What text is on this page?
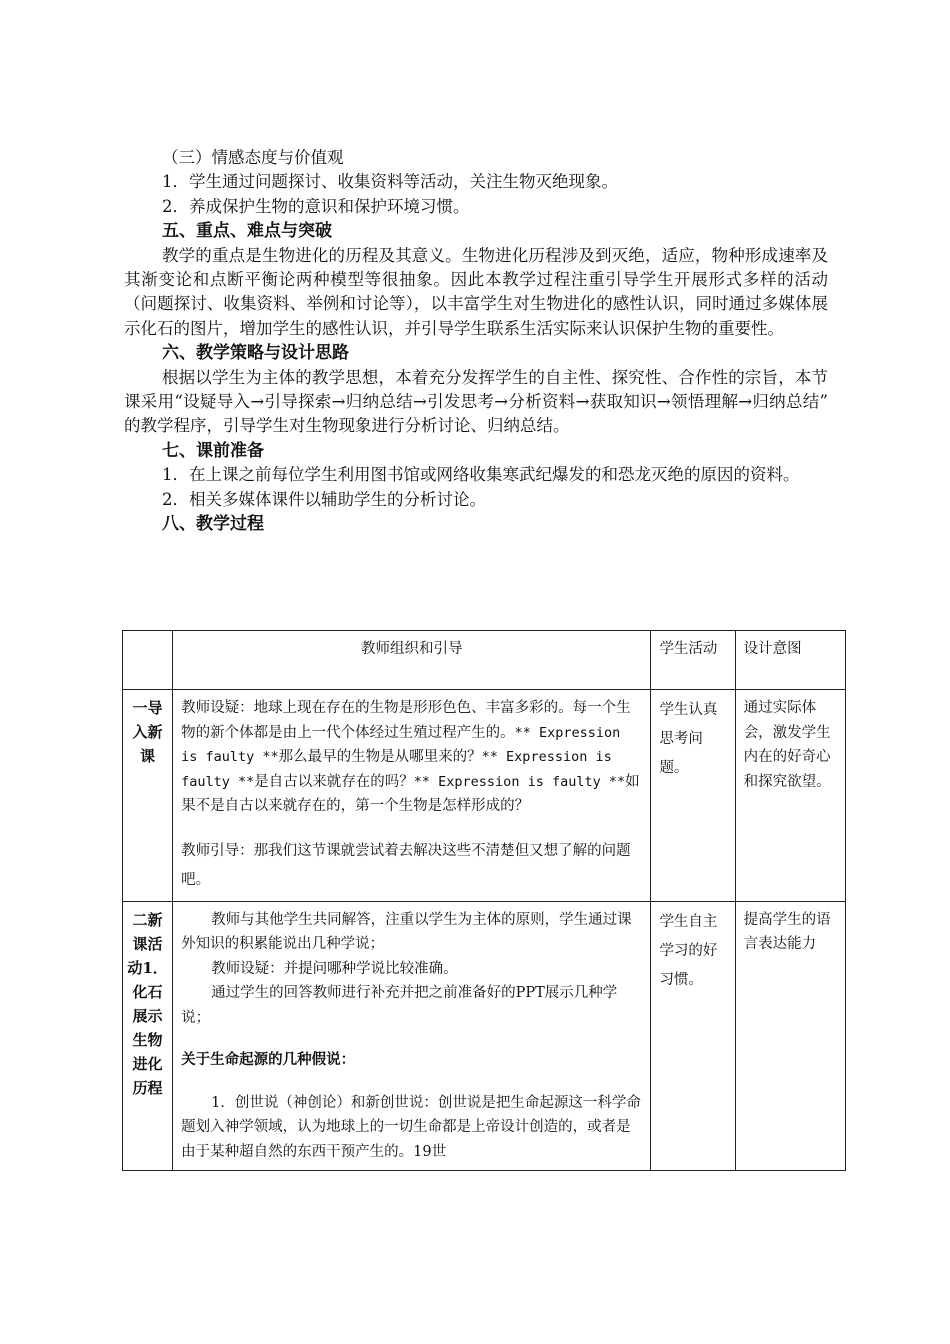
（三）情感态度与价值观

1．学生通过问题探讨、收集资料等活动，关注生物灭绝现象。

2．养成保护生物的意识和保护环境习惯。

五、重点、难点与突破

教学的重点是生物进化的历程及其意义。生物进化历程涉及到灭绝，适应，物种形成速率及其渐变论和点断平衡论两种模型等很抽象。因此本教学过程注重引导学生开展形式多样的活动（问题探讨、收集资料、举例和讨论等），以丰富学生对生物进化的感性认识，同时通过多媒体展示化石的图片，增加学生的感性认识，并引导学生联系生活实际来认识保护生物的重要性。

六、教学策略与设计思路

根据以学生为主体的教学思想，本着充分发挥学生的自主性、探究性、合作性的宗旨，本节课采用“设疑导入→引导探索→归纳总结→引发思考→分析资料→获取知识→领悟理解→归纳总结” 的教学程序，引导学生对生物现象进行分析讨论、归纳总结。

七、课前准备

1．在上课之前每位学生利用图书馆或网络收集寒武纪爆发的和恐龙灭绝的原因的资料。

2．相关多媒体课件以辅助学生的分析讨论。

八、教学过程

	教师组织和引导	学生活动	设计意图
一导入新课	教师设疑：地球上现在存在的生物是形形色色、丰富多彩的。每一个生物的新个体都是由上一代个体经过生殖过程产生的。** Expression is faulty **那么最早的生物是从哪里来的？** Expression is faulty **是自古以来就存在的吗？** Expression is faulty **如果不是自古以来就存在的，第一个生物是怎样形成的？
教师引导：那我们这节课就尝试着去解决这些不清楚但又想了解的问题吧。	学生认真思考问题。	通过实际体会，激发学生内在的好奇心和探究欲望。
二新课活动1．化石展示生物进化历程	教师与其他学生共同解答，注重以学生为主体的原则，学生通过课外知识的积累能说出几种学说；
教师设疑：并提问哪种学说比较准确。
通过学生的回答教师进行补充并把之前准备好的PPT展示几种学说；
关于生命起源的几种假说：
1．创世说（神创论）和新创世说：创世说是把生命起源这一科学命题划入神学领域，认为地球上的一切生命都是上帝设计创造的，或者是由于某种超自然的东西干预产生的。19世	学生自主学习的好习惯。	提高学生的语言表达能力
